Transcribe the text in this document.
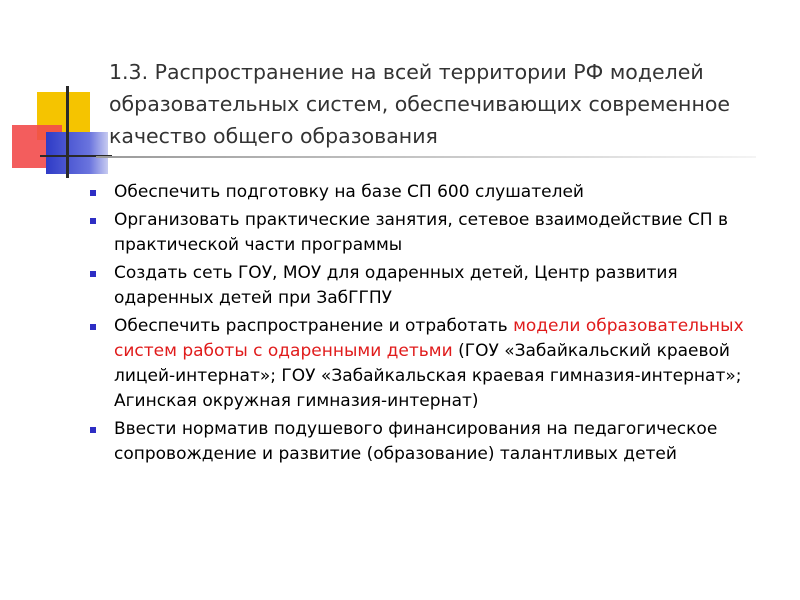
1.3. Распространение на всей территории РФ моделей образовательных систем, обеспечивающих современное качество общего образования
Обеспечить подготовку на базе СП 600 слушателей
Организовать практические занятия, сетевое взаимодействие СП в практической части программы
Создать сеть ГОУ, МОУ для одаренных детей, Центр развития одаренных детей при ЗабГГПУ
Обеспечить распространение и отработать модели образовательных систем работы с одаренными детьми (ГОУ «Забайкальский краевой лицей-интернат»; ГОУ «Забайкальская краевая гимназия-интернат»; Агинская окружная гимназия-интернат)
Ввести норматив подушевого финансирования на педагогическое сопровождение и развитие (образование) талантливых детей
